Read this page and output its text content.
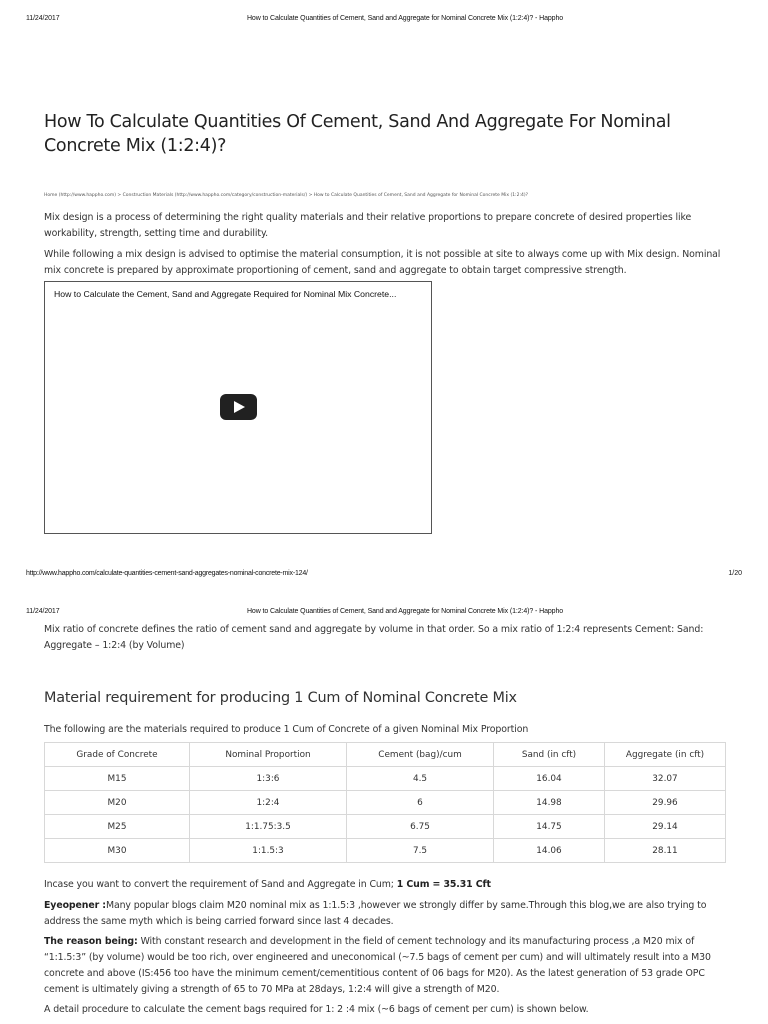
11/24/2017	How to Calculate Quantities of Cement, Sand and Aggregate for Nominal Concrete Mix (1:2:4)? - Happho
How To Calculate Quantities Of Cement, Sand And Aggregate For Nominal Concrete Mix (1:2:4)?
Home (http://www.happho.com) > Construction Materials (http://www.happho.com/category/construction-materials/) > How to Calculate Quantities of Cement, Sand and Aggregate for Nominal Concrete Mix (1:2:4)?
Mix design is a process of determining the right quality materials and their relative proportions to prepare concrete of desired properties like workability, strength, setting time and durability.
While following a mix design is advised to optimise the material consumption, it is not possible at site to always come up with Mix design. Nominal mix concrete is prepared by approximate proportioning of cement, sand and aggregate to obtain target compressive strength.
How to Calculate the Cement, Sand and Aggregate Required for Nominal Mix Concrete...
http://www.happho.com/calculate-quantities-cement-sand-aggregates-nominal-concrete-mix-124/	1/20
11/24/2017	How to Calculate Quantities of Cement, Sand and Aggregate for Nominal Concrete Mix (1:2:4)? - Happho
Mix ratio of concrete defines the ratio of cement sand and aggregate by volume in that order. So a mix ratio of 1:2:4 represents Cement: Sand: Aggregate – 1:2:4 (by Volume)
Material requirement for producing 1 Cum of Nominal Concrete Mix
The following are the materials required to produce 1 Cum of Concrete of a given Nominal Mix Proportion
Grade of Concrete	Nominal Proportion	Cement (bag)/cum	Sand (in cft)	Aggregate (in cft)
M15	1:3:6	4.5	16.04	32.07
M20	1:2:4	6	14.98	29.96
M25	1:1.75:3.5	6.75	14.75	29.14
M30	1:1.5:3	7.5	14.06	28.11
Incase you want to convert the requirement of Sand and Aggregate in Cum; 1 Cum = 35.31 Cft
Eyeopener :Many popular blogs claim M20 nominal mix as 1:1.5:3 ,however we strongly differ by same.Through this blog,we are also trying to address the same myth which is being carried forward since last 4 decades.
The reason being: With constant research and development in the field of cement technology and its manufacturing process ,a M20 mix of “1:1.5:3” (by volume) would be too rich, over engineered and uneconomical (~7.5 bags of cement per cum) and will ultimately result into a M30 concrete and above (IS:456 too have the minimum cement/cementitious content of 06 bags for M20). As the latest generation of 53 grade OPC cement is ultimately giving a strength of 65 to 70 MPa at 28days, 1:2:4 will give a strength of M20.
A detail procedure to calculate the cement bags required for 1: 2 :4 mix (~6 bags of cement per cum) is shown below.
